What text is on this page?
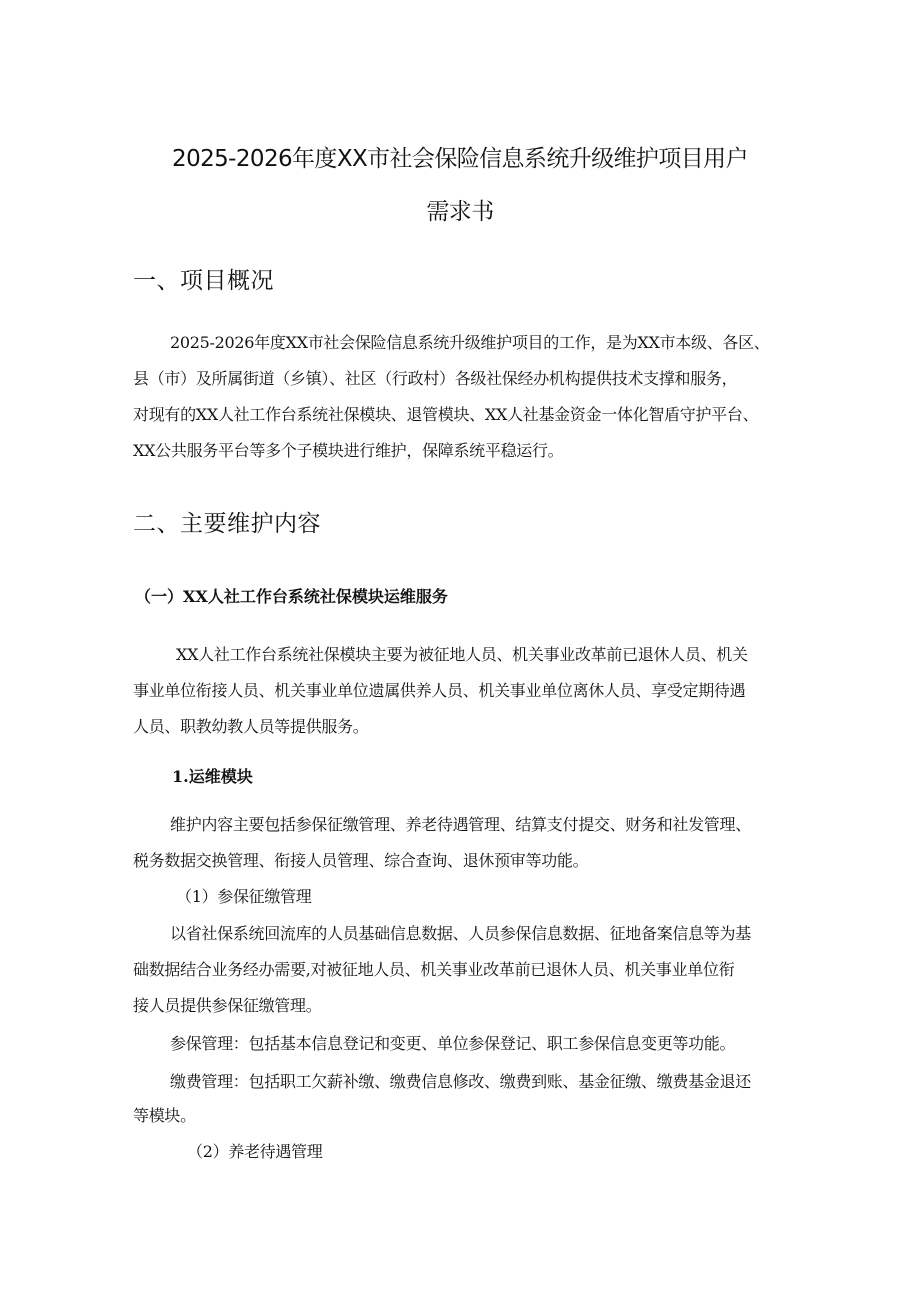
2025-2026年度XX市社会保险信息系统升级维护项目用户
需求书
一、项目概况

2025-2026年度XX市社会保险信息系统升级维护项目的工作，是为XX市本级、各区、

县（市）及所属街道（乡镇）、社区（行政村）各级社保经办机构提供技术支撑和服务，

对现有的XX人社工作台系统社保模块、退管模块、XX人社基金资金一体化智盾守护平台、

XX公共服务平台等多个子模块进行维护，保障系统平稳运行。

二、主要维护内容
（一）XX人社工作台系统社保模块运维服务

XX人社工作台系统社保模块主要为被征地人员、机关事业改革前已退休人员、机关

事业单位衔接人员、机关事业单位遗属供养人员、机关事业单位离休人员、享受定期待遇

人员、职教幼教人员等提供服务。

1.运维模块

维护内容主要包括参保征缴管理、养老待遇管理、结算支付提交、财务和社发管理、

税务数据交换管理、衔接人员管理、综合查询、退休预审等功能。

（1）参保征缴管理

以省社保系统回流库的人员基础信息数据、人员参保信息数据、征地备案信息等为基

础数据结合业务经办需要,对被征地人员、机关事业改革前已退休人员、机关事业单位衔

接人员提供参保征缴管理。

参保管理：包括基本信息登记和变更、单位参保登记、职工参保信息变更等功能。

缴费管理：包括职工欠薪补缴、缴费信息修改、缴费到账、基金征缴、缴费基金退还

等模块。

（2）养老待遇管理
